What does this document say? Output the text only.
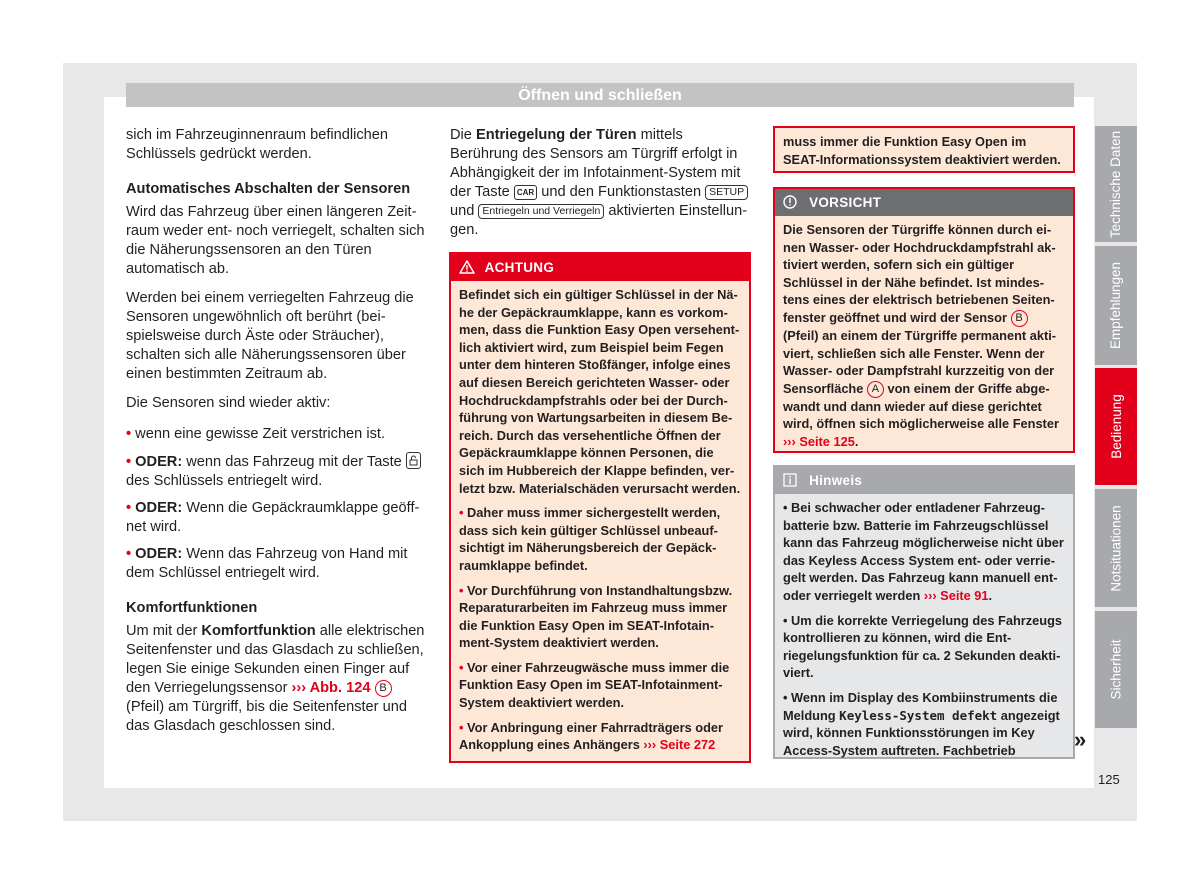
Öffnen und schließen

sich im Fahrzeuginnenraum befindlichen Schlüssels gedrückt werden.

Automatisches Abschalten der Sensoren

Wird das Fahrzeug über einen längeren Zeitraum weder ent- noch verriegelt, schalten sich die Näherungssensoren an den Türen automatisch ab.

Werden bei einem verriegelten Fahrzeug die Sensoren ungewöhnlich oft berührt (beispielsweise durch Äste oder Sträucher), schalten sich alle Näherungssensoren über einen bestimmten Zeitraum ab.

Die Sensoren sind wieder aktiv:

• wenn eine gewisse Zeit verstrichen ist.
• ODER: wenn das Fahrzeug mit der Taste
des Schlüssels entriegelt wird.
• ODER: Wenn die Gepäckraumklappe geöffnet wird.
• ODER: Wenn das Fahrzeug von Hand mit dem Schlüssel entriegelt wird.
Komfortfunktionen

Um mit der Komfortfunktion alle elektrischen Seitenfenster und das Glasdach zu schließen, legen Sie einige Sekunden einen Finger auf den Verriegelungssensor ››› Abb. 124 B (Pfeil) am Türgriff, bis die Seitenfenster und das Glasdach geschlossen sind.

Die Entriegelung der Türen mittels Berührung des Sensors am Türgriff erfolgt in Abhängigkeit der im Infotainment-System mit der Taste CAR und den Funktionstasten SETUP und Entriegeln und Verriegeln aktivierten Einstellungen.

ACHTUNG

Befindet sich ein gültiger Schlüssel in der Nähe der Gepäckraumklappe, kann es vorkommen, dass die Funktion Easy Open versehentlich aktiviert wird, zum Beispiel beim Fegen unter dem hinteren Stoßfänger, infolge eines auf diesen Bereich gerichteten Wasser- oder Hochdruckdampfstrahls oder bei der Durchführung von Wartungsarbeiten in diesem Bereich. Durch das versehentliche Öffnen der Gepäckraumklappe können Personen, die sich im Hubbereich der Klappe befinden, verletzt bzw. Materialschäden verursacht werden.

• Daher muss immer sichergestellt werden, dass sich kein gültiger Schlüssel unbeaufsichtigt im Näherungsbereich der Gepäckraumklappe befindet.

• Vor Durchführung von Instandhaltungsbzw. Reparaturarbeiten im Fahrzeug muss immer die Funktion Easy Open im SEAT-Infotainment-System deaktiviert werden.

• Vor einer Fahrzeugwäsche muss immer die Funktion Easy Open im SEAT-Infotainment-System deaktiviert werden.

• Vor Anbringung einer Fahrradträgers oder Ankopplung eines Anhängers ››› Seite 272

muss immer die Funktion Easy Open im SEAT-Informationssystem deaktiviert werden.
VORSICHT
Die Sensoren der Türgriffe können durch einen Wasser- oder Hochdruckdampfstrahl aktiviert werden, sofern sich ein gültiger Schlüssel in der Nähe befindet. Ist mindestens eines der elektrisch betriebenen Seitenfenster geöffnet und wird der Sensor B (Pfeil) an einem der Türgriffe permanent aktiviert, schließen sich alle Fenster. Wenn der Wasser- oder Dampfstrahl kurzzeitig von der Sensorfläche A von einem der Griffe abgewandt und dann wieder auf diese gerichtet wird, öffnen sich möglicherweise alle Fenster ››› Seite 125.
Hinweis

• Bei schwacher oder entladener Fahrzeugbatterie bzw. Batterie im Fahrzeugschlüssel kann das Fahrzeug möglicherweise nicht über das Keyless Access System ent- oder verriegelt werden. Das Fahrzeug kann manuell entoder verriegelt werden ››› Seite 91.

• Um die korrekte Verriegelung des Fahrzeugs kontrollieren zu können, wird die Entriegelungsfunktion für ca. 2 Sekunden deaktiviert.

• Wenn im Display des Kombiinstruments die Meldung Keyless-System defekt angezeigt wird, können Funktionsstörungen im Key Access-System auftreten. Fachbetrieb	»
Technische Daten
Empfehlungen
Bedienung
Notsituationen
Sicherheit
125
